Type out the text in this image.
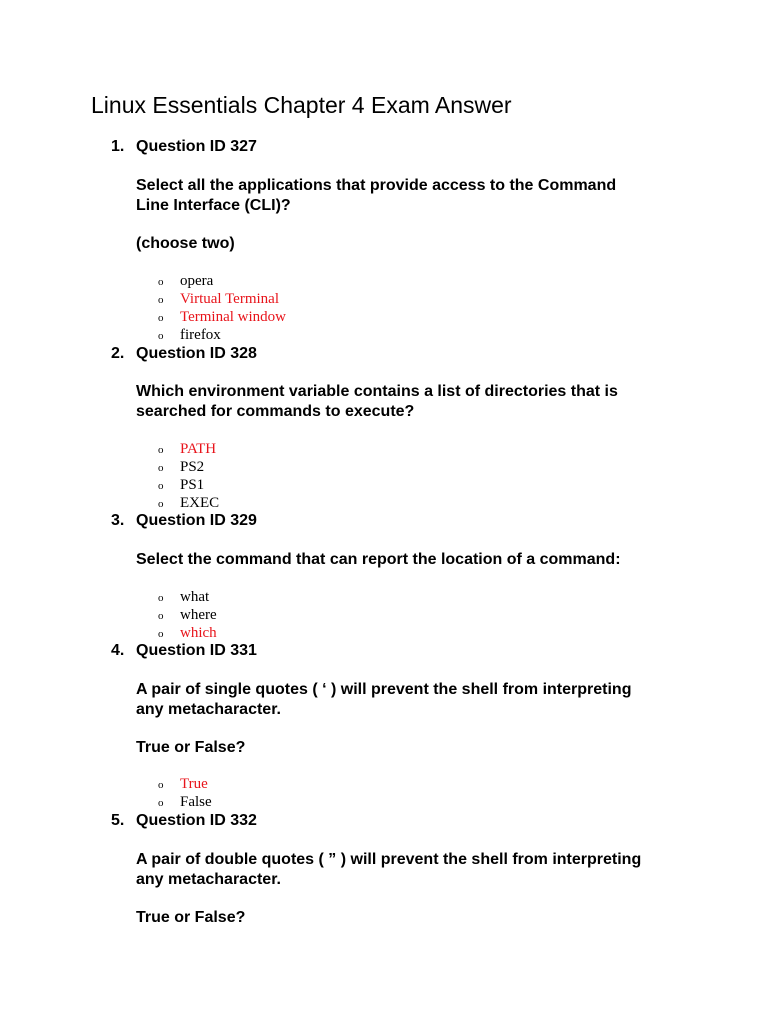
Linux Essentials Chapter 4 Exam Answer
1. Question ID 327

Select all the applications that provide access to the Command

Line Interface (CLI)?

(choose two)

o opera
o Virtual Terminal
o Terminal window
o firefox
2. Question ID 328

Which environment variable contains a list of directories that is

searched for commands to execute?

o PATH
o PS2
o PS1
o EXEC
3. Question ID 329

Select the command that can report the location of a command:

o what
o where
o which
4. Question ID 331

A pair of single quotes ( ‘ ) will prevent the shell from interpreting

any metacharacter.

True or False?

o True
o False
5. Question ID 332

A pair of double quotes ( ” ) will prevent the shell from interpreting

any metacharacter.

True or False?
